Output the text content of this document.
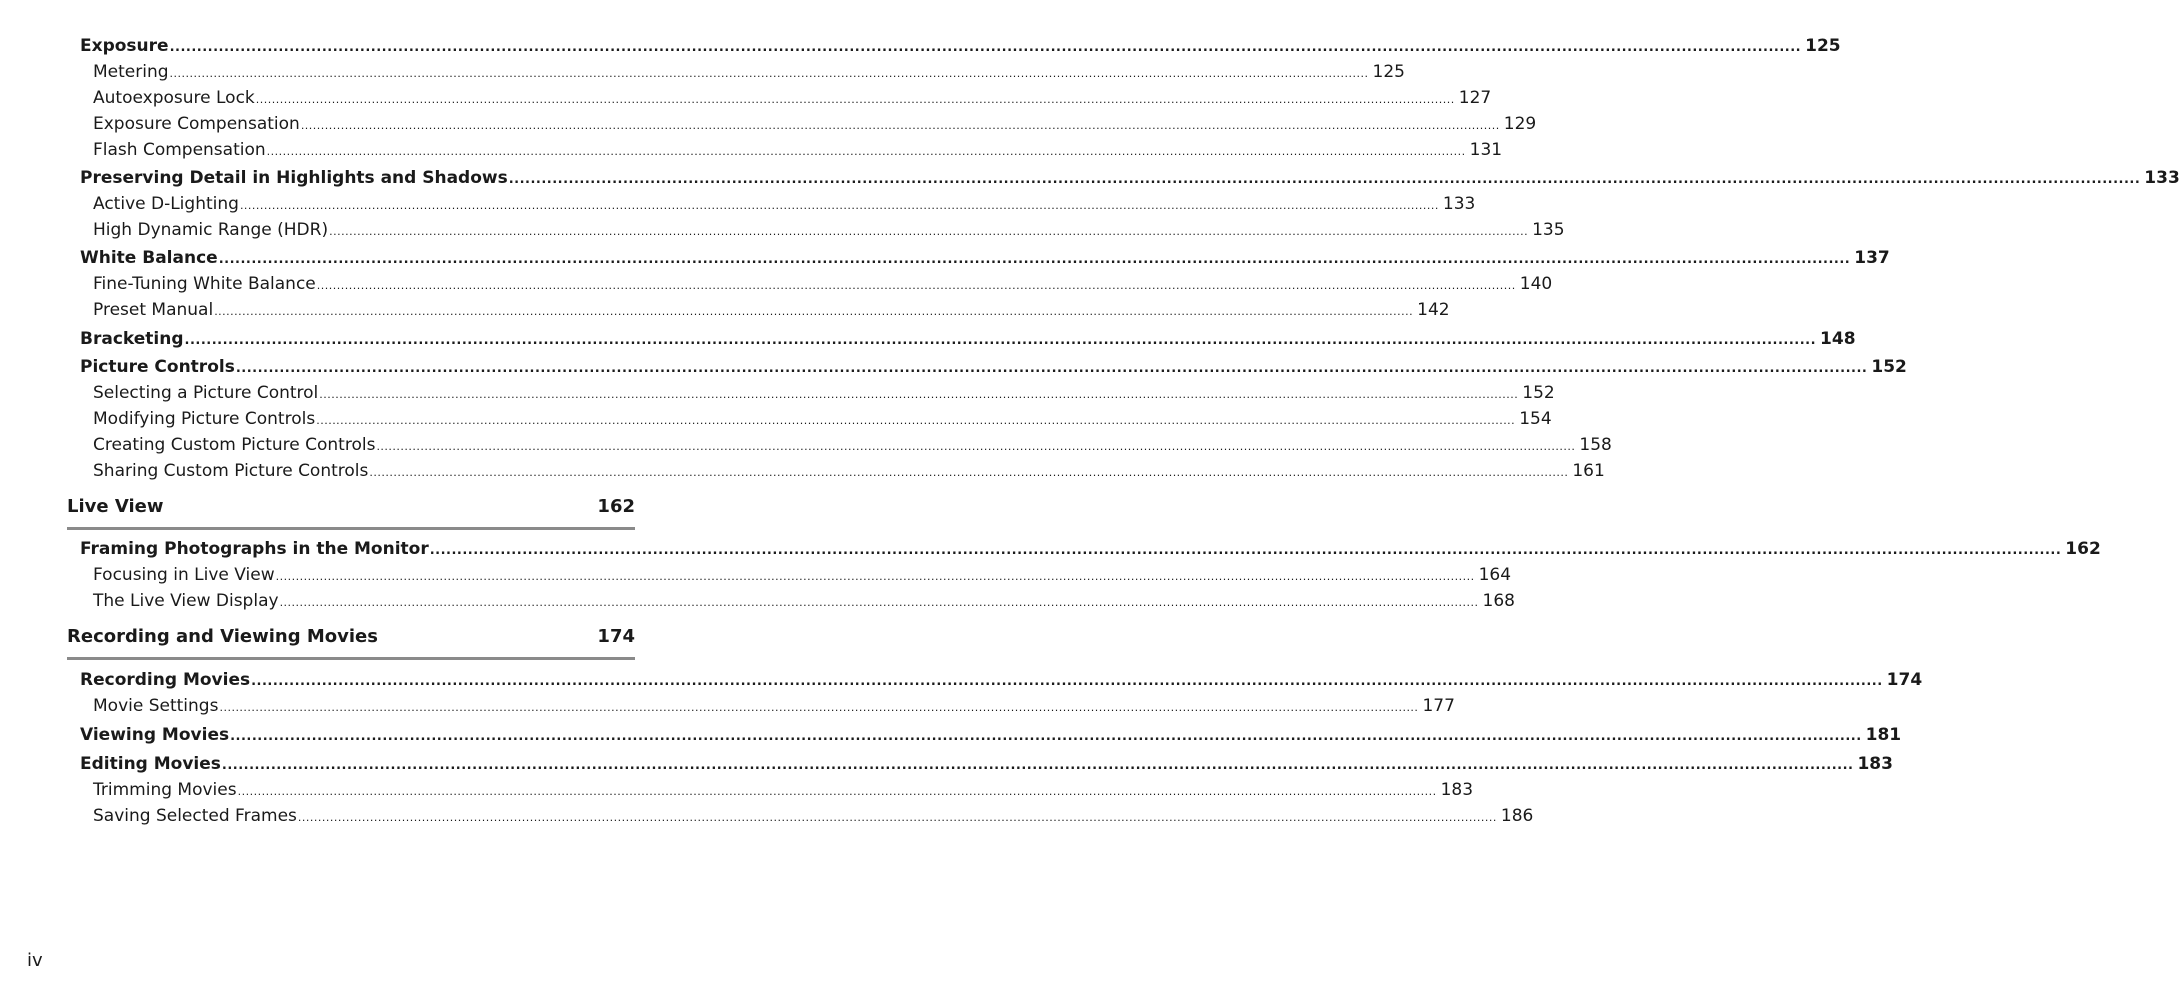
Exposure ............................................................................................................................................................................................................................................................................................................ 125
Metering ............................................................................................................................................................................................................................................................................................................ 125
Autoexposure Lock ............................................................................................................................................................................................................................................................................................................ 127
Exposure Compensation ............................................................................................................................................................................................................................................................................................................ 129
Flash Compensation ............................................................................................................................................................................................................................................................................................................ 131
Preserving Detail in Highlights and Shadows ............................................................................................................................................................................................................................................................................................................ 133
Active D-Lighting ............................................................................................................................................................................................................................................................................................................ 133
High Dynamic Range (HDR) ............................................................................................................................................................................................................................................................................................................ 135
White Balance ............................................................................................................................................................................................................................................................................................................ 137
Fine-Tuning White Balance ............................................................................................................................................................................................................................................................................................................ 140
Preset Manual ............................................................................................................................................................................................................................................................................................................ 142
Bracketing ............................................................................................................................................................................................................................................................................................................ 148
Picture Controls ............................................................................................................................................................................................................................................................................................................ 152
Selecting a Picture Control ............................................................................................................................................................................................................................................................................................................ 152
Modifying Picture Controls ............................................................................................................................................................................................................................................................................................................ 154
Creating Custom Picture Controls ............................................................................................................................................................................................................................................................................................................ 158
Sharing Custom Picture Controls ............................................................................................................................................................................................................................................................................................................ 161
Live View	162
Framing Photographs in the Monitor ............................................................................................................................................................................................................................................................................................................ 162
Focusing in Live View ............................................................................................................................................................................................................................................................................................................ 164
The Live View Display ............................................................................................................................................................................................................................................................................................................ 168
Recording and Viewing Movies	174
Recording Movies ............................................................................................................................................................................................................................................................................................................ 174
Movie Settings ............................................................................................................................................................................................................................................................................................................ 177
Viewing Movies ............................................................................................................................................................................................................................................................................................................ 181
Editing Movies ............................................................................................................................................................................................................................................................................................................ 183
Trimming Movies ............................................................................................................................................................................................................................................................................................................ 183
Saving Selected Frames ............................................................................................................................................................................................................................................................................................................ 186
iv
